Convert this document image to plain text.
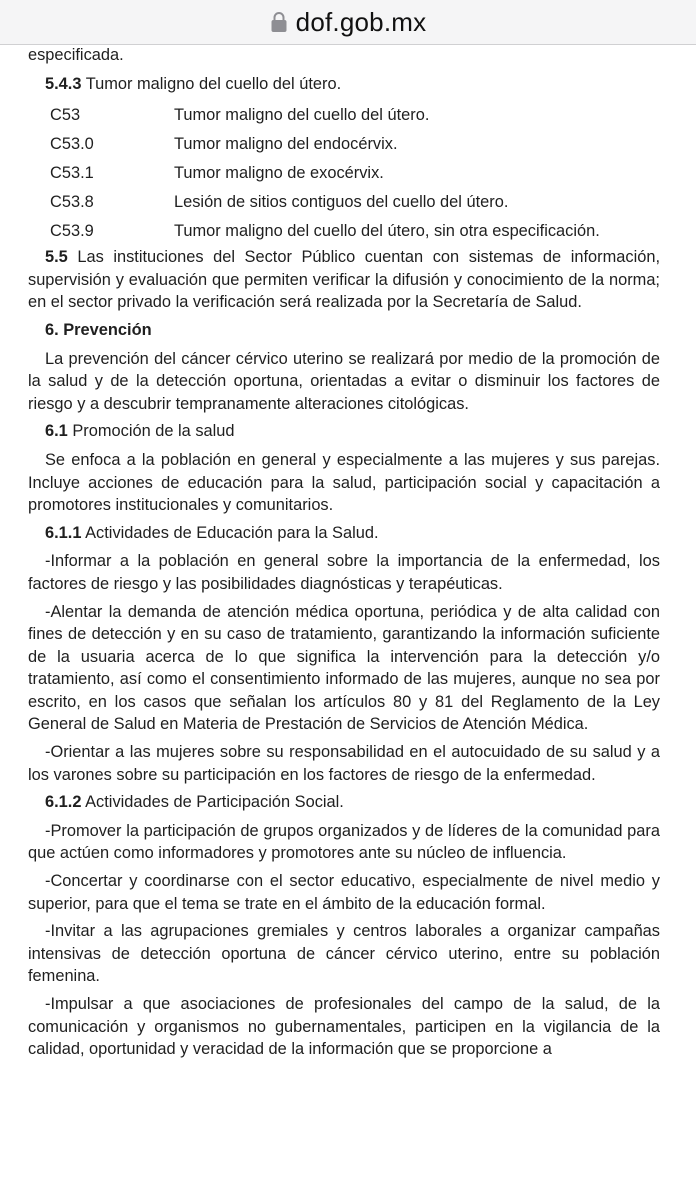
dof.gob.mx

especificada.

5.4.3 Tumor maligno del cuello del útero.

C53	Tumor maligno del cuello del útero.
C53.0	Tumor maligno del endocérvix.
C53.1	Tumor maligno de exocérvix.
C53.8	Lesión de sitios contiguos del cuello del útero.
C53.9	Tumor maligno del cuello del útero, sin otra especificación.

5.5 Las instituciones del Sector Público cuentan con sistemas de información, supervisión y evaluación que permiten verificar la difusión y conocimiento de la norma; en el sector privado la verificación será realizada por la Secretaría de Salud.

6. Prevención

La prevención del cáncer cérvico uterino se realizará por medio de la promoción de la salud y de la detección oportuna, orientadas a evitar o disminuir los factores de riesgo y a descubrir tempranamente alteraciones citológicas.

6.1 Promoción de la salud

Se enfoca a la población en general y especialmente a las mujeres y sus parejas. Incluye acciones de educación para la salud, participación social y capacitación a promotores institucionales y comunitarios.

6.1.1 Actividades de Educación para la Salud.

-Informar a la población en general sobre la importancia de la enfermedad, los factores de riesgo y las posibilidades diagnósticas y terapéuticas.

-Alentar la demanda de atención médica oportuna, periódica y de alta calidad con fines de detección y en su caso de tratamiento, garantizando la información suficiente de la usuaria acerca de lo que significa la intervención para la detección y/o tratamiento, así como el consentimiento informado de las mujeres, aunque no sea por escrito, en los casos que señalan los artículos 80 y 81 del Reglamento de la Ley General de Salud en Materia de Prestación de Servicios de Atención Médica.

-Orientar a las mujeres sobre su responsabilidad en el autocuidado de su salud y a los varones sobre su participación en los factores de riesgo de la enfermedad.

6.1.2 Actividades de Participación Social.

-Promover la participación de grupos organizados y de líderes de la comunidad para que actúen como informadores y promotores ante su núcleo de influencia.

-Concertar y coordinarse con el sector educativo, especialmente de nivel medio y superior, para que el tema se trate en el ámbito de la educación formal.

-Invitar a las agrupaciones gremiales y centros laborales a organizar campañas intensivas de detección oportuna de cáncer cérvico uterino, entre su población femenina.

-Impulsar a que asociaciones de profesionales del campo de la salud, de la comunicación y organismos no gubernamentales, participen en la vigilancia de la calidad, oportunidad y veracidad de la información que se proporcione a
